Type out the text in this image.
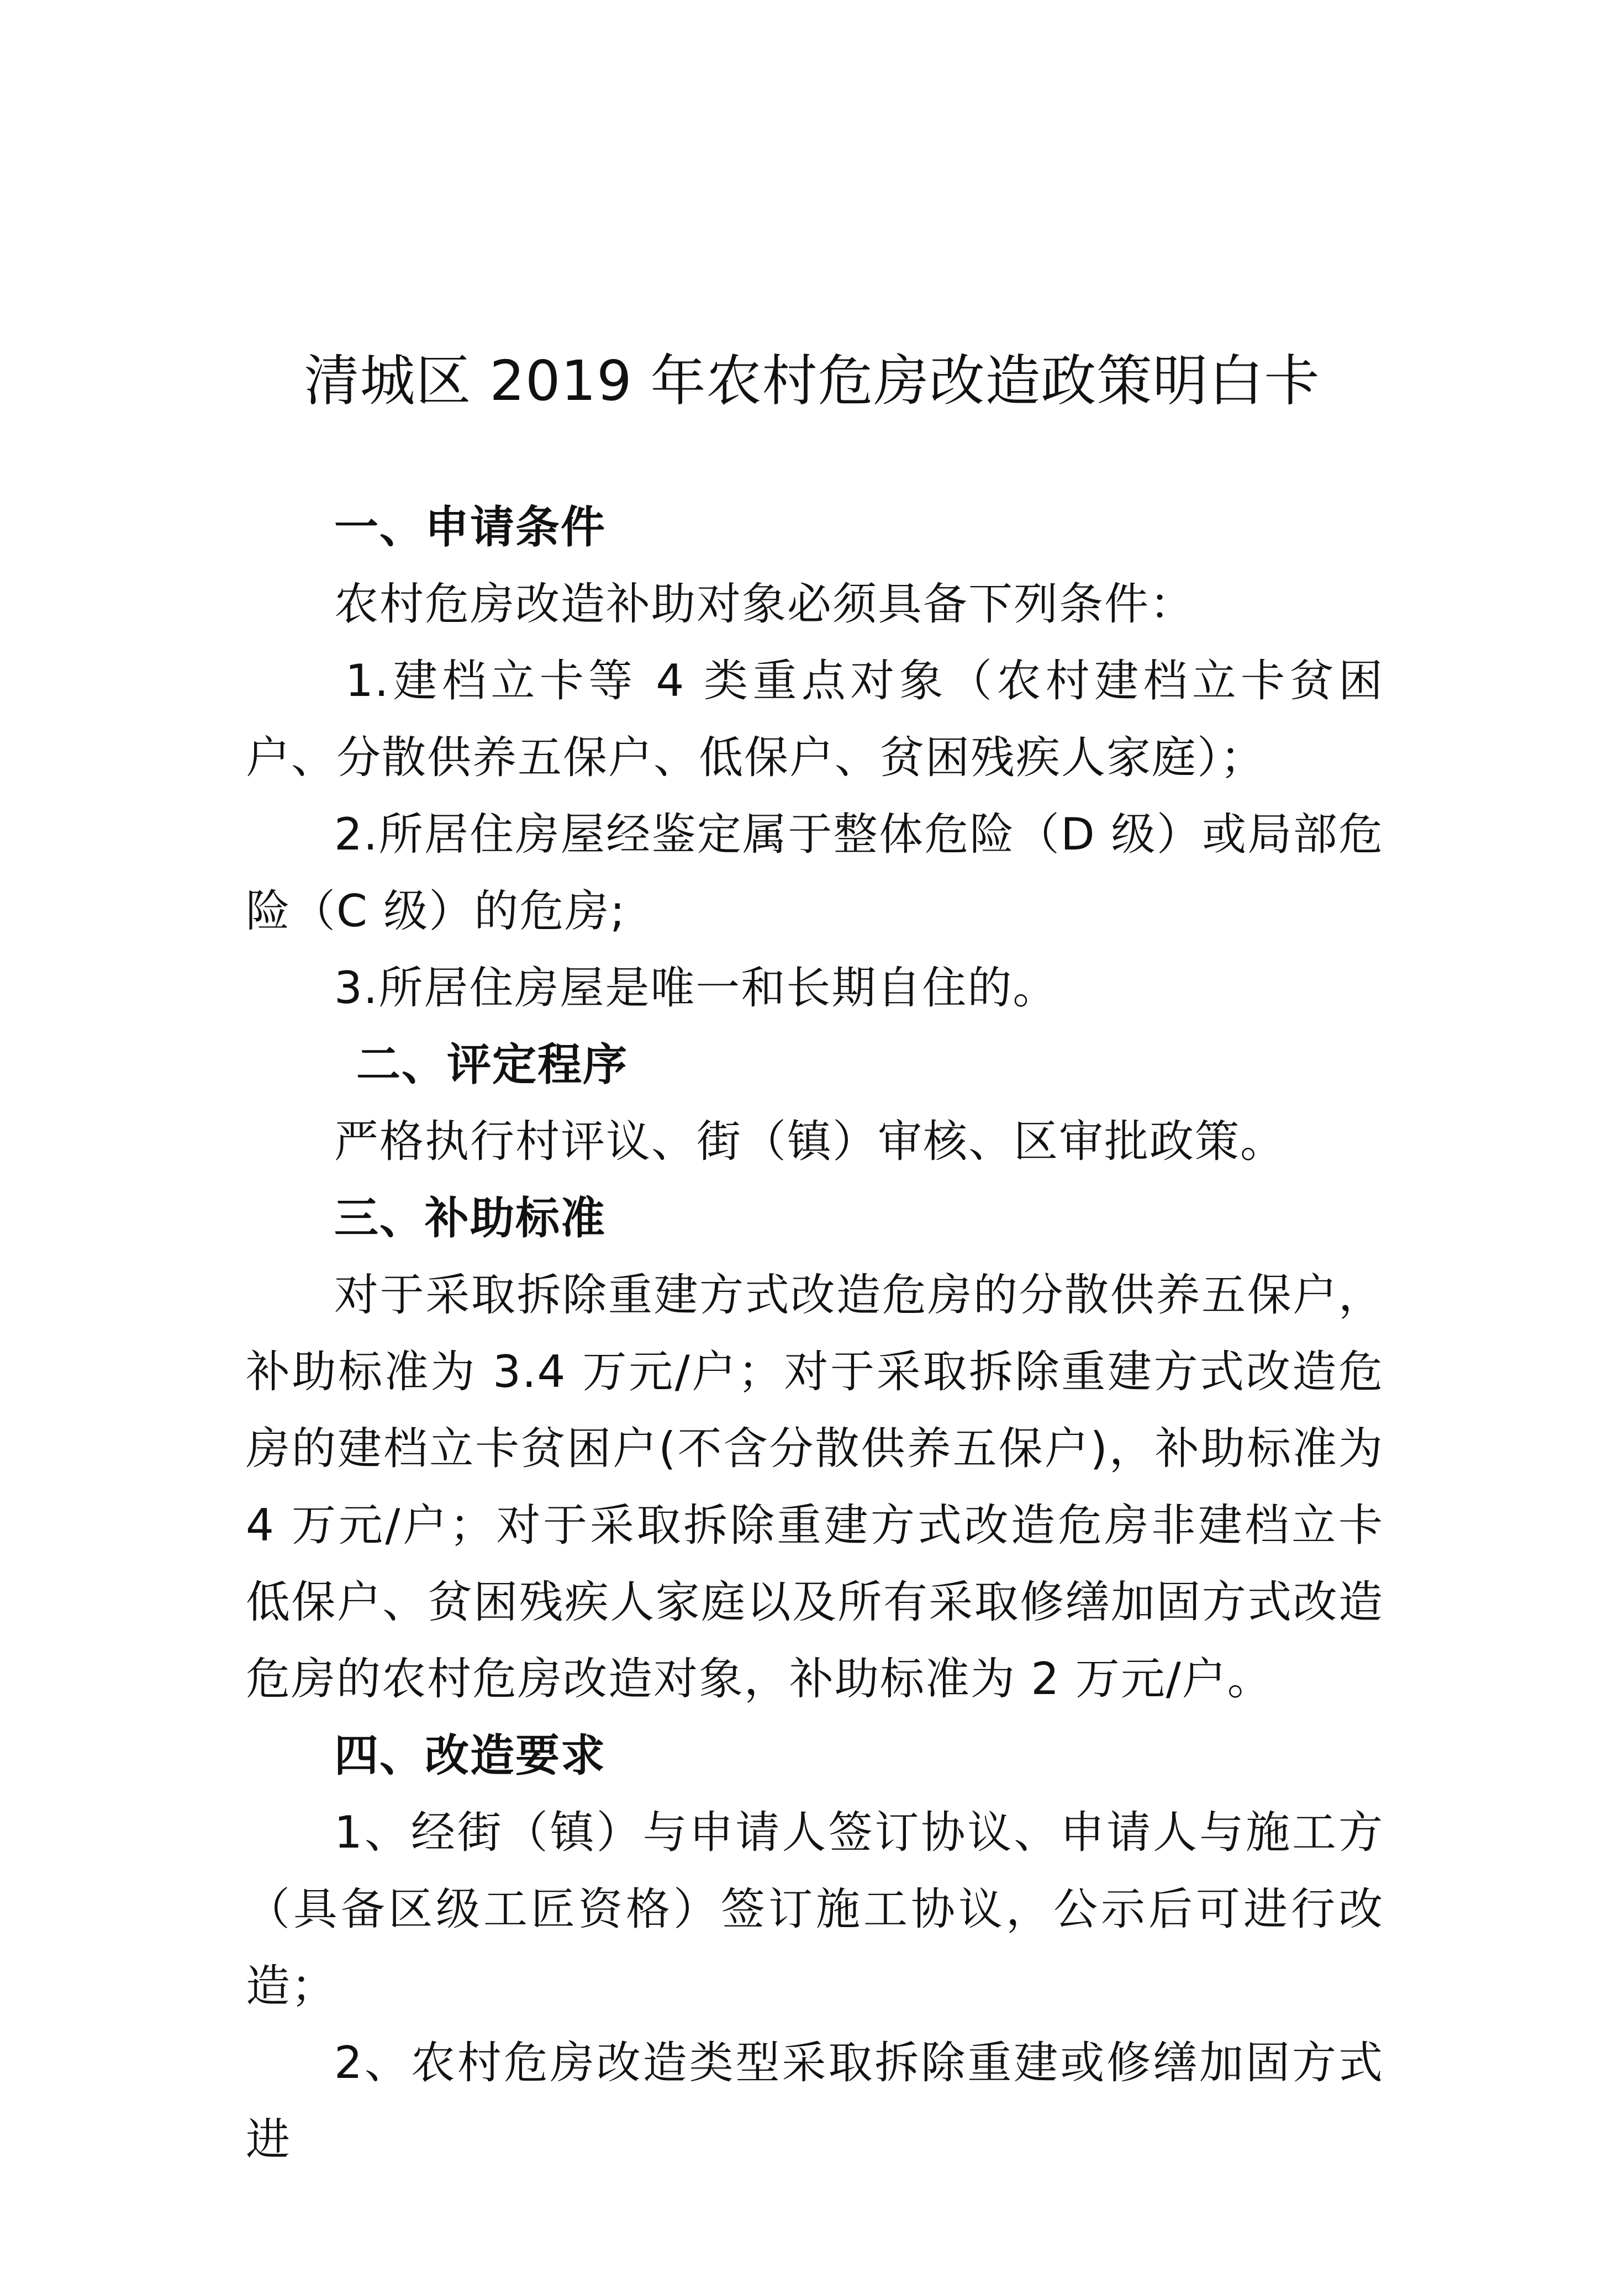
清城区 2019 年农村危房改造政策明白卡

一、申请条件

农村危房改造补助对象必须具备下列条件：

1.建档立卡等 4 类重点对象（农村建档立卡贫困户、分散供养五保户、低保户、贫困残疾人家庭）；

2.所居住房屋经鉴定属于整体危险（D 级）或局部危险（C 级）的危房;

3.所居住房屋是唯一和长期自住的。

二、评定程序

严格执行村评议、街（镇）审核、区审批政策。

三、补助标准

对于采取拆除重建方式改造危房的分散供养五保户，补助标准为 3.4 万元/户；对于采取拆除重建方式改造危房的建档立卡贫困户(不含分散供养五保户)，补助标准为 4 万元/户；对于采取拆除重建方式改造危房非建档立卡低保户、贫困残疾人家庭以及所有采取修缮加固方式改造危房的农村危房改造对象，补助标准为 2 万元/户。

四、改造要求

1、经街（镇）与申请人签订协议、申请人与施工方（具备区级工匠资格）签订施工协议，公示后可进行改造；

2、农村危房改造类型采取拆除重建或修缮加固方式进
